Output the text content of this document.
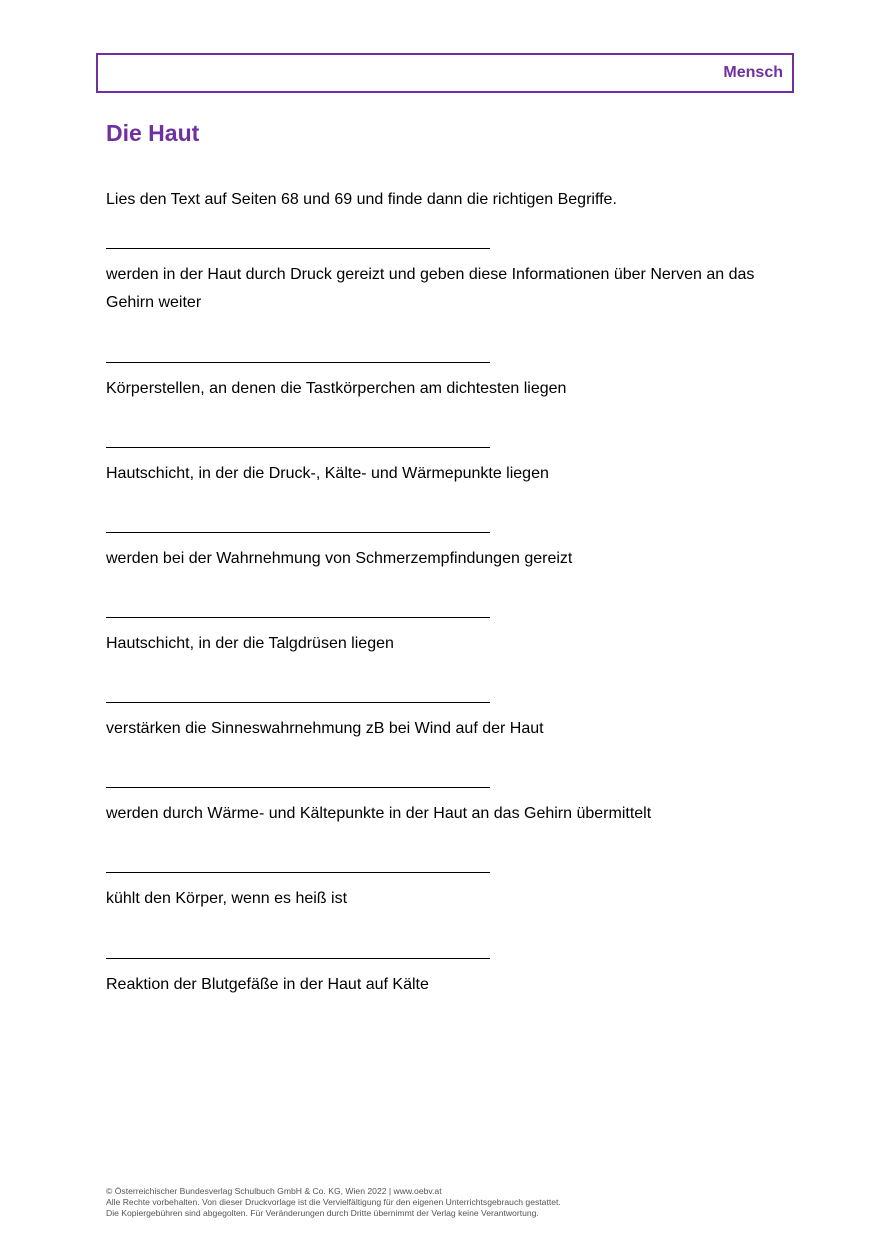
Mensch
Die Haut
Lies den Text auf Seiten 68 und 69 und finde dann die richtigen Begriffe.
werden in der Haut durch Druck gereizt und geben diese Informationen über Nerven an das Gehirn weiter
Körperstellen, an denen die Tastkörperchen am dichtesten liegen
Hautschicht, in der die Druck-, Kälte- und Wärmepunkte liegen
werden bei der Wahrnehmung von Schmerzempfindungen gereizt
Hautschicht, in der die Talgdrüsen liegen
verstärken die Sinneswahrnehmung zB bei Wind auf der Haut
werden durch Wärme- und Kältepunkte in der Haut an das Gehirn übermittelt
kühlt den Körper, wenn es heiß ist
Reaktion der Blutgefäße in der Haut auf Kälte
© Österreichischer Bundesverlag Schulbuch GmbH & Co. KG, Wien 2022 | www.oebv.at
Alle Rechte vorbehalten. Von dieser Druckvorlage ist die Vervielfältigung für den eigenen Unterrichtsgebrauch gestattet.
Die Kopiergebühren sind abgegolten. Für Veränderungen durch Dritte übernimmt der Verlag keine Verantwortung.
